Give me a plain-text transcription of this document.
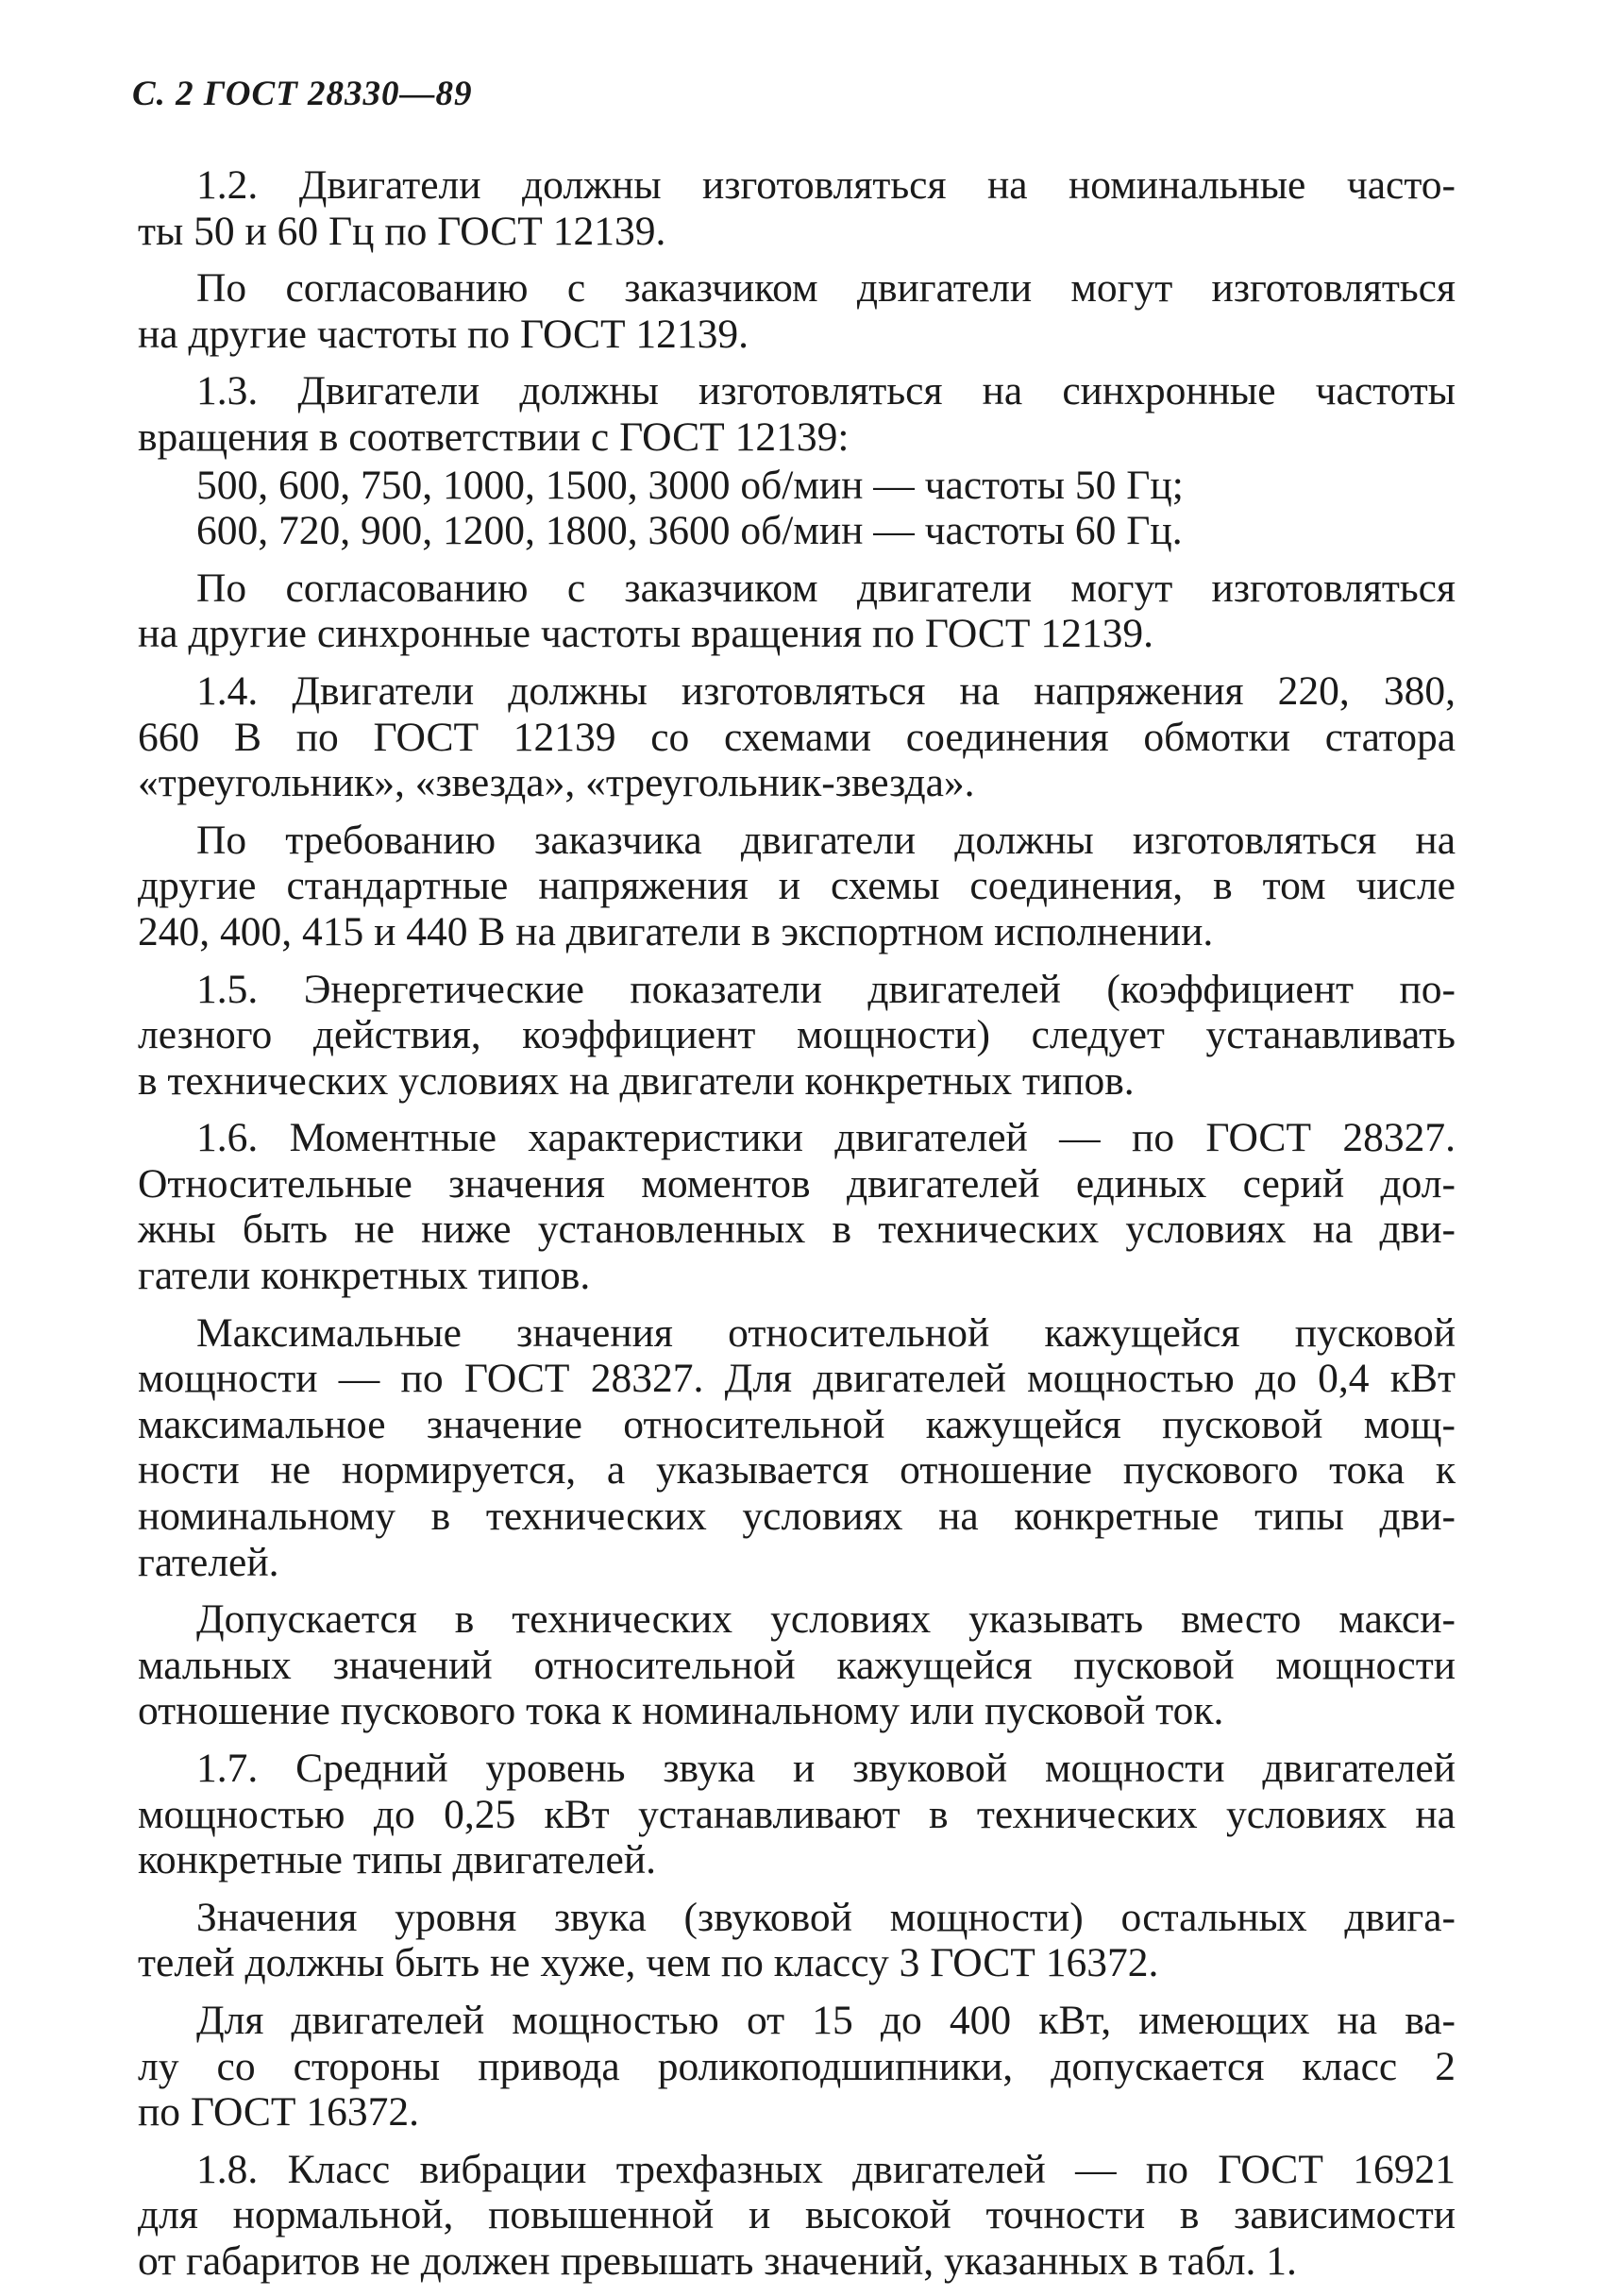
С. 2 ГОСТ 28330—89
1.2. Двигатели должны изготовляться на номинальные часто-
ты 50 и 60 Гц по ГОСТ 12139.
По согласованию с заказчиком двигатели могут изготовляться
на другие частоты по ГОСТ 12139.
1.3. Двигатели должны изготовляться на синхронные частоты
вращения в соответствии с ГОСТ 12139:
500, 600, 750, 1000, 1500, 3000 об/мин — частоты 50 Гц;
600, 720, 900, 1200, 1800, 3600 об/мин — частоты 60 Гц.
По согласованию с заказчиком двигатели могут изготовляться
на другие синхронные частоты вращения по ГОСТ 12139.
1.4. Двигатели должны изготовляться на напряжения 220, 380,
660 В по ГОСТ 12139 со схемами соединения обмотки статора
«треугольник», «звезда», «треугольник-звезда».
По требованию заказчика двигатели должны изготовляться на
другие стандартные напряжения и схемы соединения, в том числе
240, 400, 415 и 440 В на двигатели в экспортном исполнении.
1.5. Энергетические показатели двигателей (коэффициент по-
лезного действия, коэффициент мощности) следует устанавливать
в технических условиях на двигатели конкретных типов.
1.6. Моментные характеристики двигателей — по ГОСТ 28327.
Относительные значения моментов двигателей единых серий дол-
жны быть не ниже установленных в технических условиях на дви-
гатели конкретных типов.
Максимальные значения относительной кажущейся пусковой
мощности — по ГОСТ 28327. Для двигателей мощностью до 0,4 кВт
максимальное значение относительной кажущейся пусковой мощ-
ности не нормируется, а указывается отношение пускового тока к
номинальному в технических условиях на конкретные типы дви-
гателей.
Допускается в технических условиях указывать вместо макси-
мальных значений относительной кажущейся пусковой мощности
отношение пускового тока к номинальному или пусковой ток.
1.7. Средний уровень звука и звуковой мощности двигателей
мощностью до 0,25 кВт устанавливают в технических условиях на
конкретные типы двигателей.
Значения уровня звука (звуковой мощности) остальных двига-
телей должны быть не хуже, чем по классу 3 ГОСТ 16372.
Для двигателей мощностью от 15 до 400 кВт, имеющих на ва-
лу со стороны привода роликоподшипники, допускается класс 2
по ГОСТ 16372.
1.8. Класс вибрации трехфазных двигателей — по ГОСТ 16921
для нормальной, повышенной и высокой точности в зависимости
от габаритов не должен превышать значений, указанных в табл. 1.
